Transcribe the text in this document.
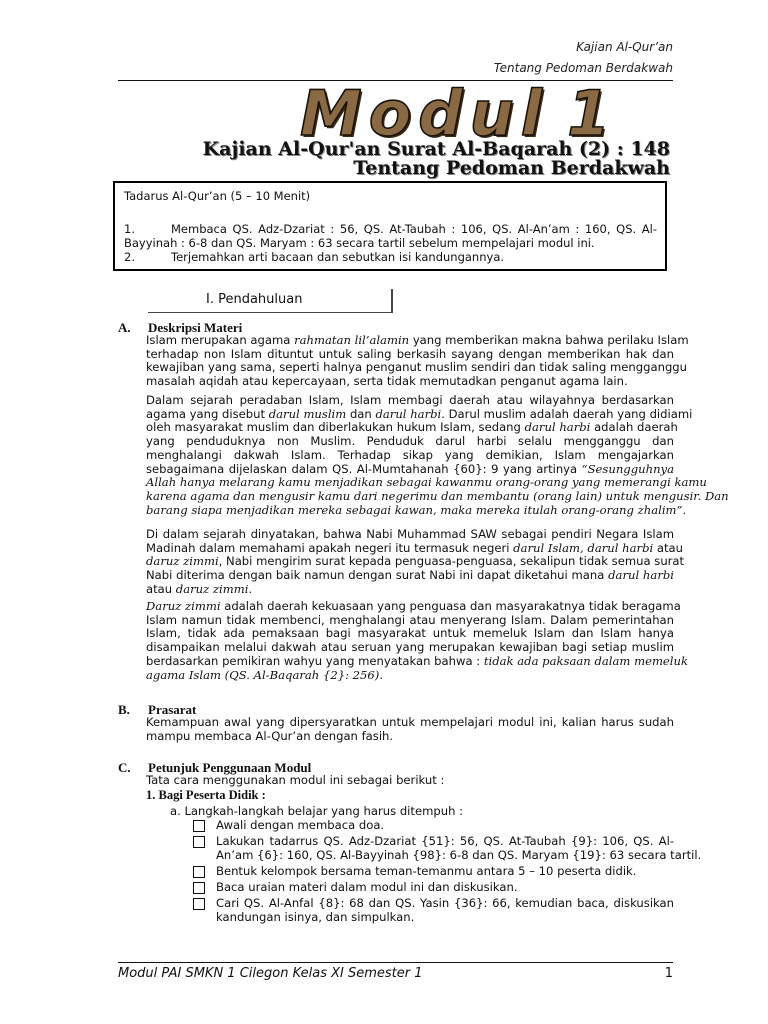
Kajian Al-Qur’an
Tentang Pedoman Berdakwah
Modul 1
Kajian Al-Qur'an Surat Al-Baqarah (2) : 148
Tentang Pedoman Berdakwah
Tadarus Al-Qur’an (5 – 10 Menit)
1.	Membaca QS. Adz-Dzariat : 56, QS. At-Taubah : 106, QS. Al-An’am : 160, QS. Al-
Bayyinah : 6-8 dan QS. Maryam : 63 secara tartil sebelum mempelajari modul ini.
2.	Terjemahkan arti bacaan dan sebutkan isi kandungannya.
I. Pendahuluan
A. Deskripsi Materi
Islam merupakan agama rahmatan lil’alamin yang memberikan makna bahwa perilaku Islam
terhadap non Islam dituntut untuk saling berkasih sayang dengan memberikan hak dan
kewajiban yang sama, seperti halnya penganut muslim sendiri dan tidak saling mengganggu
masalah aqidah atau kepercayaan, serta tidak memutadkan penganut agama lain.
Dalam sejarah peradaban Islam, Islam membagi daerah atau wilayahnya berdasarkan
agama yang disebut darul muslim dan darul harbi. Darul muslim adalah daerah yang didiami
oleh masyarakat muslim dan diberlakukan hukum Islam, sedang darul harbi adalah daerah
yang penduduknya non Muslim. Penduduk darul harbi selalu mengganggu dan
menghalangi dakwah Islam. Terhadap sikap yang demikian, Islam mengajarkan
sebagaimana dijelaskan dalam QS. Al-Mumtahanah {60}: 9 yang artinya “Sesungguhnya
Allah hanya melarang kamu menjadikan sebagai kawanmu orang-orang yang memerangi kamu
karena agama dan mengusir kamu dari negerimu dan membantu (orang lain) untuk mengusir. Dan
barang siapa menjadikan mereka sebagai kawan, maka mereka itulah orang-orang zhalim”.
Di dalam sejarah dinyatakan, bahwa Nabi Muhammad SAW sebagai pendiri Negara Islam
Madinah dalam memahami apakah negeri itu termasuk negeri darul Islam, darul harbi atau
daruz zimmi, Nabi mengirim surat kepada penguasa-penguasa, sekalipun tidak semua surat
Nabi diterima dengan baik namun dengan surat Nabi ini dapat diketahui mana darul harbi
atau daruz zimmi.
Daruz zimmi adalah daerah kekuasaan yang penguasa dan masyarakatnya tidak beragama
Islam namun tidak membenci, menghalangi atau menyerang Islam. Dalam pemerintahan
Islam, tidak ada pemaksaan bagi masyarakat untuk memeluk Islam dan Islam hanya
disampaikan melalui dakwah atau seruan yang merupakan kewajiban bagi setiap muslim
berdasarkan pemikiran wahyu yang menyatakan bahwa : tidak ada paksaan dalam memeluk
agama Islam (QS. Al-Baqarah {2}: 256).
B. Prasarat
Kemampuan awal yang dipersyaratkan untuk mempelajari modul ini, kalian harus sudah
mampu membaca Al-Qur’an dengan fasih.
C. Petunjuk Penggunaan Modul
Tata cara menggunakan modul ini sebagai berikut :
1. Bagi Peserta Didik :
a. Langkah-langkah belajar yang harus ditempuh :
Awali dengan membaca doa.
Lakukan tadarrus QS. Adz-Dzariat {51}: 56, QS. At-Taubah {9}: 106, QS. Al-
An’am {6}: 160, QS. Al-Bayyinah {98}: 6-8 dan QS. Maryam {19}: 63 secara tartil.
Bentuk kelompok bersama teman-temanmu antara 5 – 10 peserta didik.
Baca uraian materi dalam modul ini dan diskusikan.
Cari QS. Al-Anfal {8}: 68 dan QS. Yasin {36}: 66, kemudian baca, diskusikan
kandungan isinya, dan simpulkan.
Modul PAI SMKN 1 Cilegon Kelas XI Semester 1	1
